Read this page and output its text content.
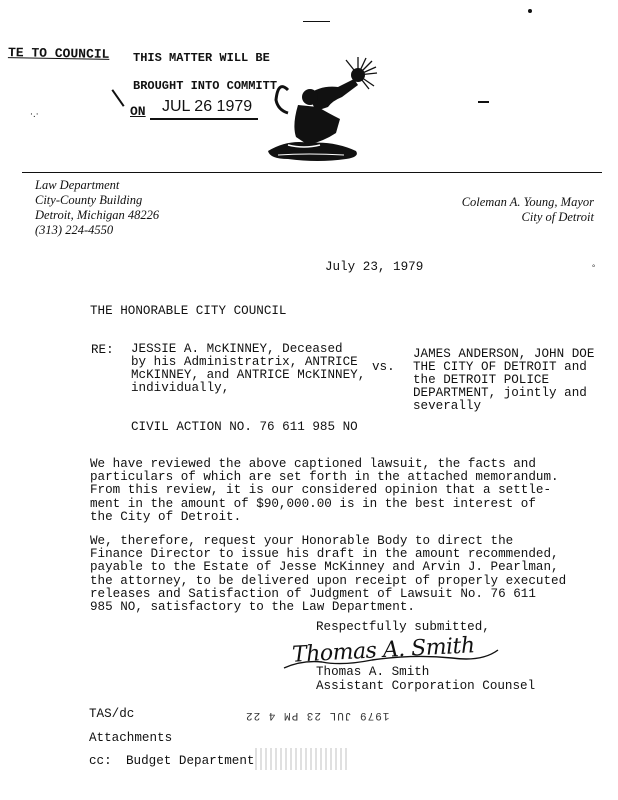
TE TO COUNCIL THIS MATTER WILL BE
BROUGHT INTO COMMITT
ON JUL 26 1979
·.·
Law Department
City-County Building
Detroit, Michigan 48226
(313) 224-4550
Coleman A. Young, Mayor
City of Detroit
July 23, 1979	°
THE HONORABLE CITY COUNCIL
RE: JESSIE A. McKINNEY, Deceased
by his Administratrix, ANTRICE
McKINNEY, and ANTRICE McKINNEY,
individually,
vs.
JAMES ANDERSON, JOHN DOE
THE CITY OF DETROIT and
the DETROIT POLICE
DEPARTMENT, jointly and
severally
CIVIL ACTION NO. 76 611 985 NO
We have reviewed the above captioned lawsuit, the facts and
particulars of which are set forth in the attached memorandum.
From this review, it is our considered opinion that a settle-
ment in the amount of $90,000.00 is in the best interest of
the City of Detroit.
We, therefore, request your Honorable Body to direct the
Finance Director to issue his draft in the amount recommended,
payable to the Estate of Jesse McKinney and Arvin J. Pearlman,
the attorney, to be delivered upon receipt of properly executed
releases and Satisfaction of Judgment of Lawsuit No. 76 611
985 NO, satisfactory to the Law Department.
Respectfully submitted,
Thomas A. Smith
Thomas A. Smith
Assistant Corporation Counsel
TAS/dc	1979 JUL 23 PM 4 22
Attachments
cc: Budget Department
